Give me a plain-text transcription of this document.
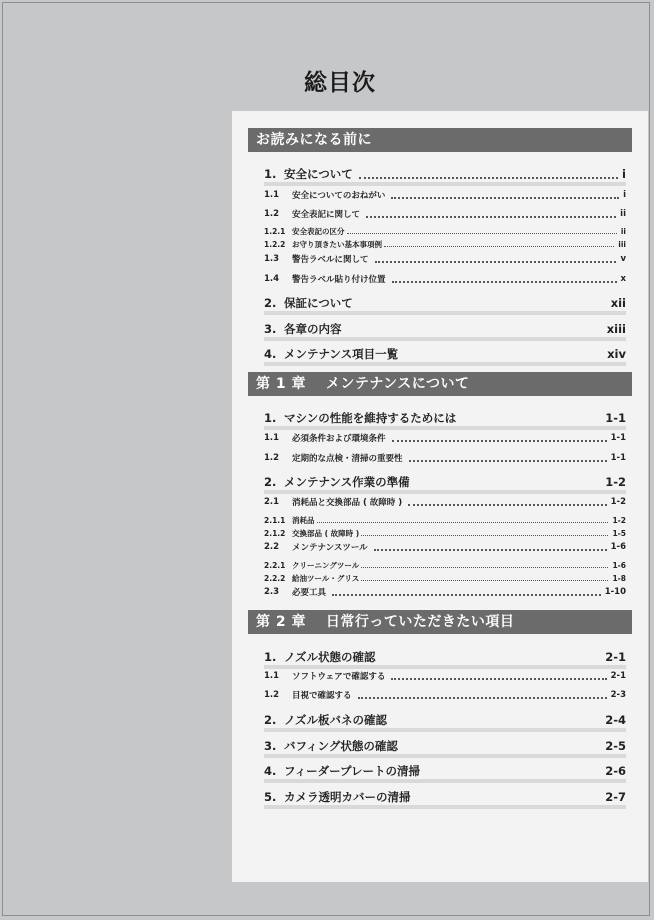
総目次
お読みになる前に
1. 安全について	i
1.1	安全についてのおねがい	i
1.2	安全表記に関して	ii
1.2.1 安全表記の区分	ii
1.2.2 お守り頂きたい基本事項例	iii
1.3	警告ラベルに関して	v
1.4	警告ラベル貼り付け位置	x
2. 保証について	xii
3. 各章の内容	xiii
4. メンテナンス項目一覧	xiv
第 1 章　 メンテナンスについて
1. マシンの性能を維持するためには	1-1
1.1	必須条件および環境条件	1-1
1.2	定期的な点検・清掃の重要性	1-1
2. メンテナンス作業の準備	1-2
2.1	消耗品と交換部品 ( 故障時 )	1-2
2.1.1 消耗品	1-2
2.1.2 交換部品 ( 故障時 )	1-5
2.2	メンテナンスツール	1-6
2.2.1 クリーニングツール	1-6
2.2.2 給油ツール・グリス	1-8
2.3	必要工具	1-10
第 2 章　 日常行っていただきたい項目
1. ノズル状態の確認	2-1
1.1	ソフトウェアで確認する	2-1
1.2	目視で確認する	2-3
2. ノズル板バネの確認	2-4
3. バフィング状態の確認	2-5
4. フィーダープレートの清掃	2-6
5. カメラ透明カバーの清掃	2-7
